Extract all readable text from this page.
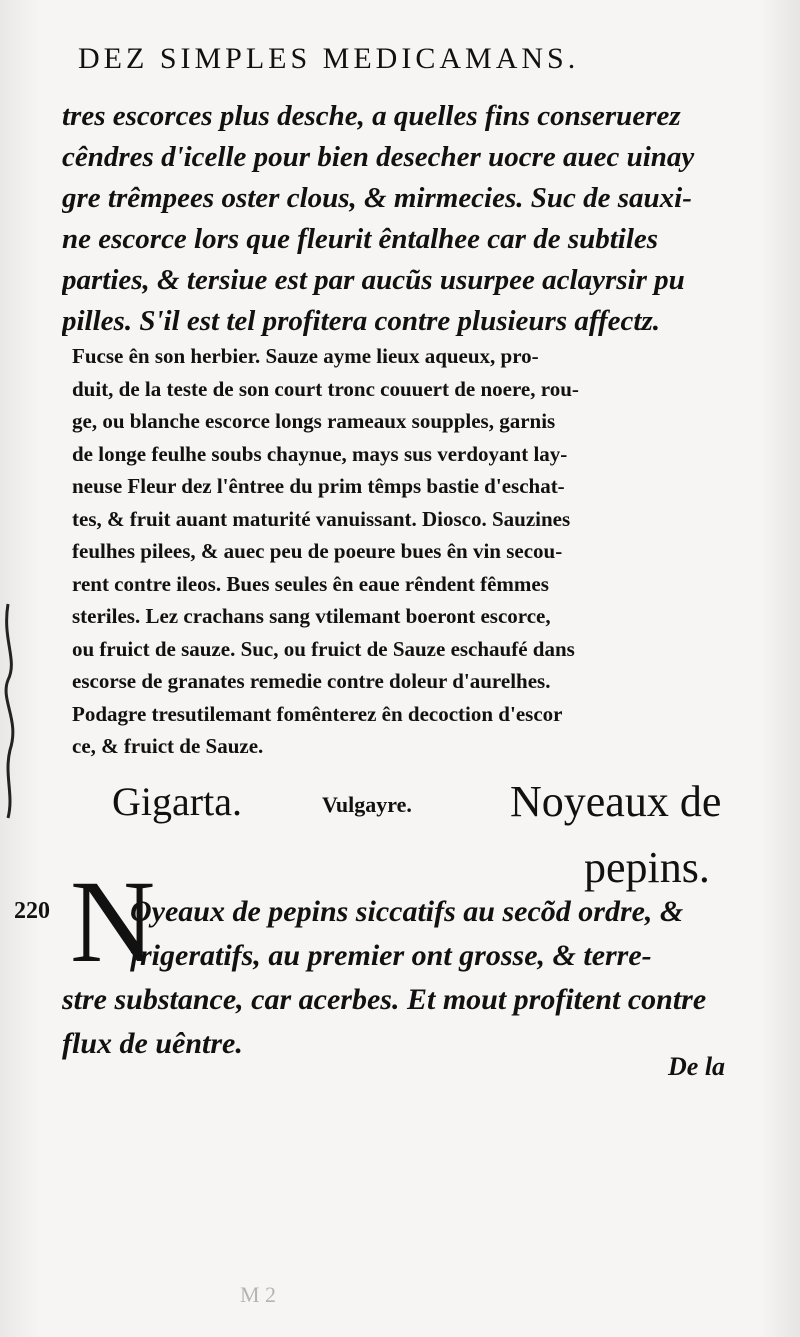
DEZ SIMPLES MEDICAMANS.
tres escorces plus desche, a quelles fins conseruerez
cêndres d'icelle pour bien desecher uocre auec uinay
gre trêmpees oster clous, & mirmecies. Suc de sauxi-
ne escorce lors que fleurit êntalhee car de subtiles
parties, & tersiue est par aucũs usurpee aclayrsir pu
pilles. S'il est tel profitera contre plusieurs affectz.
Fucse ên son herbier. Sauze ayme lieux aqueux, pro-
duit, de la teste de son court tronc couuert de noere, rou-
ge, ou blanche escorce longs rameaux soupples, garnis
de longe feulhe soubs chaynue, mays sus verdoyant lay-
neuse Fleur dez l'êntree du prim têmps bastie d'eschat-
tes, & fruit auant maturité vanuissant. Diosco. Sauzines
feulhes pilees, & auec peu de poeure bues ên vin secou-
rent contre ileos. Bues seules ên eaue rêndent fêmmes
steriles. Lez crachans sang vtilemant boeront escorce,
ou fruict de sauze. Suc, ou fruict de Sauze eschaufé dans
escorse de granates remedie contre doleur d'aurelhes.
Podagre tresutilemant fomênterez ên decoction d'escor
ce, & fruict de Sauze.
Gigarta.	Vulgayre. Noyeaux de
pepins.
220 N
Oyeaux de pepins siccatifs au secõd ordre, &
frigeratifs, au premier ont grosse, & terre-
stre substance, car acerbes. Et mout profitent contre
flux de uêntre.
De la
M 2
